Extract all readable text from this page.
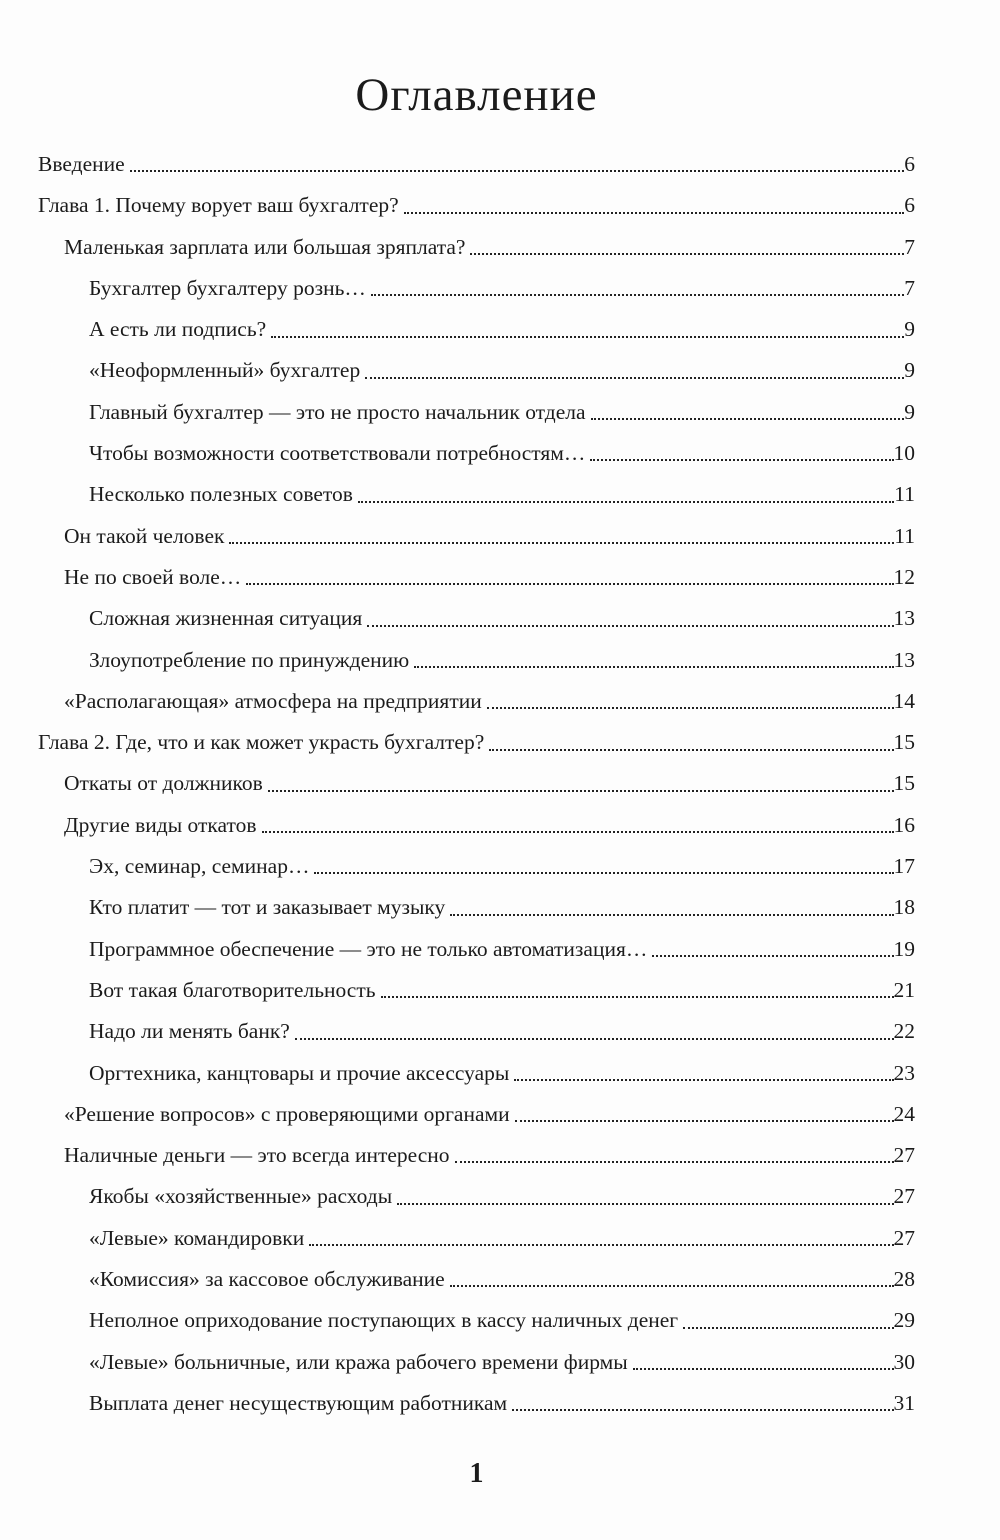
Оглавление
Введение	6
Глава 1. Почему ворует ваш бухгалтер?	6
Маленькая зарплата или большая зряплата?	7
Бухгалтер бухгалтеру рознь…	7
А есть ли подпись?	9
«Неоформленный» бухгалтер	9
Главный бухгалтер — это не просто начальник отдела	9
Чтобы возможности соответствовали потребностям…	10
Несколько полезных советов	11
Он такой человек	11
Не по своей воле…	12
Сложная жизненная ситуация	13
Злоупотребление по принуждению	13
«Располагающая» атмосфера на предприятии	14
Глава 2. Где, что и как может украсть бухгалтер?	15
Откаты от должников	15
Другие виды откатов	16
Эх, семинар, семинар…	17
Кто платит — тот и заказывает музыку	18
Программное обеспечение — это не только автоматизация…	19
Вот такая благотворительность	21
Надо ли менять банк?	22
Оргтехника, канцтовары и прочие аксессуары	23
«Решение вопросов» с проверяющими органами	24
Наличные деньги — это всегда интересно	27
Якобы «хозяйственные» расходы	27
«Левые» командировки	27
«Комиссия» за кассовое обслуживание	28
Неполное оприходование поступающих в кассу наличных денег	29
«Левые» больничные, или кража рабочего времени фирмы	30
Выплата денег несуществующим работникам	31
1
